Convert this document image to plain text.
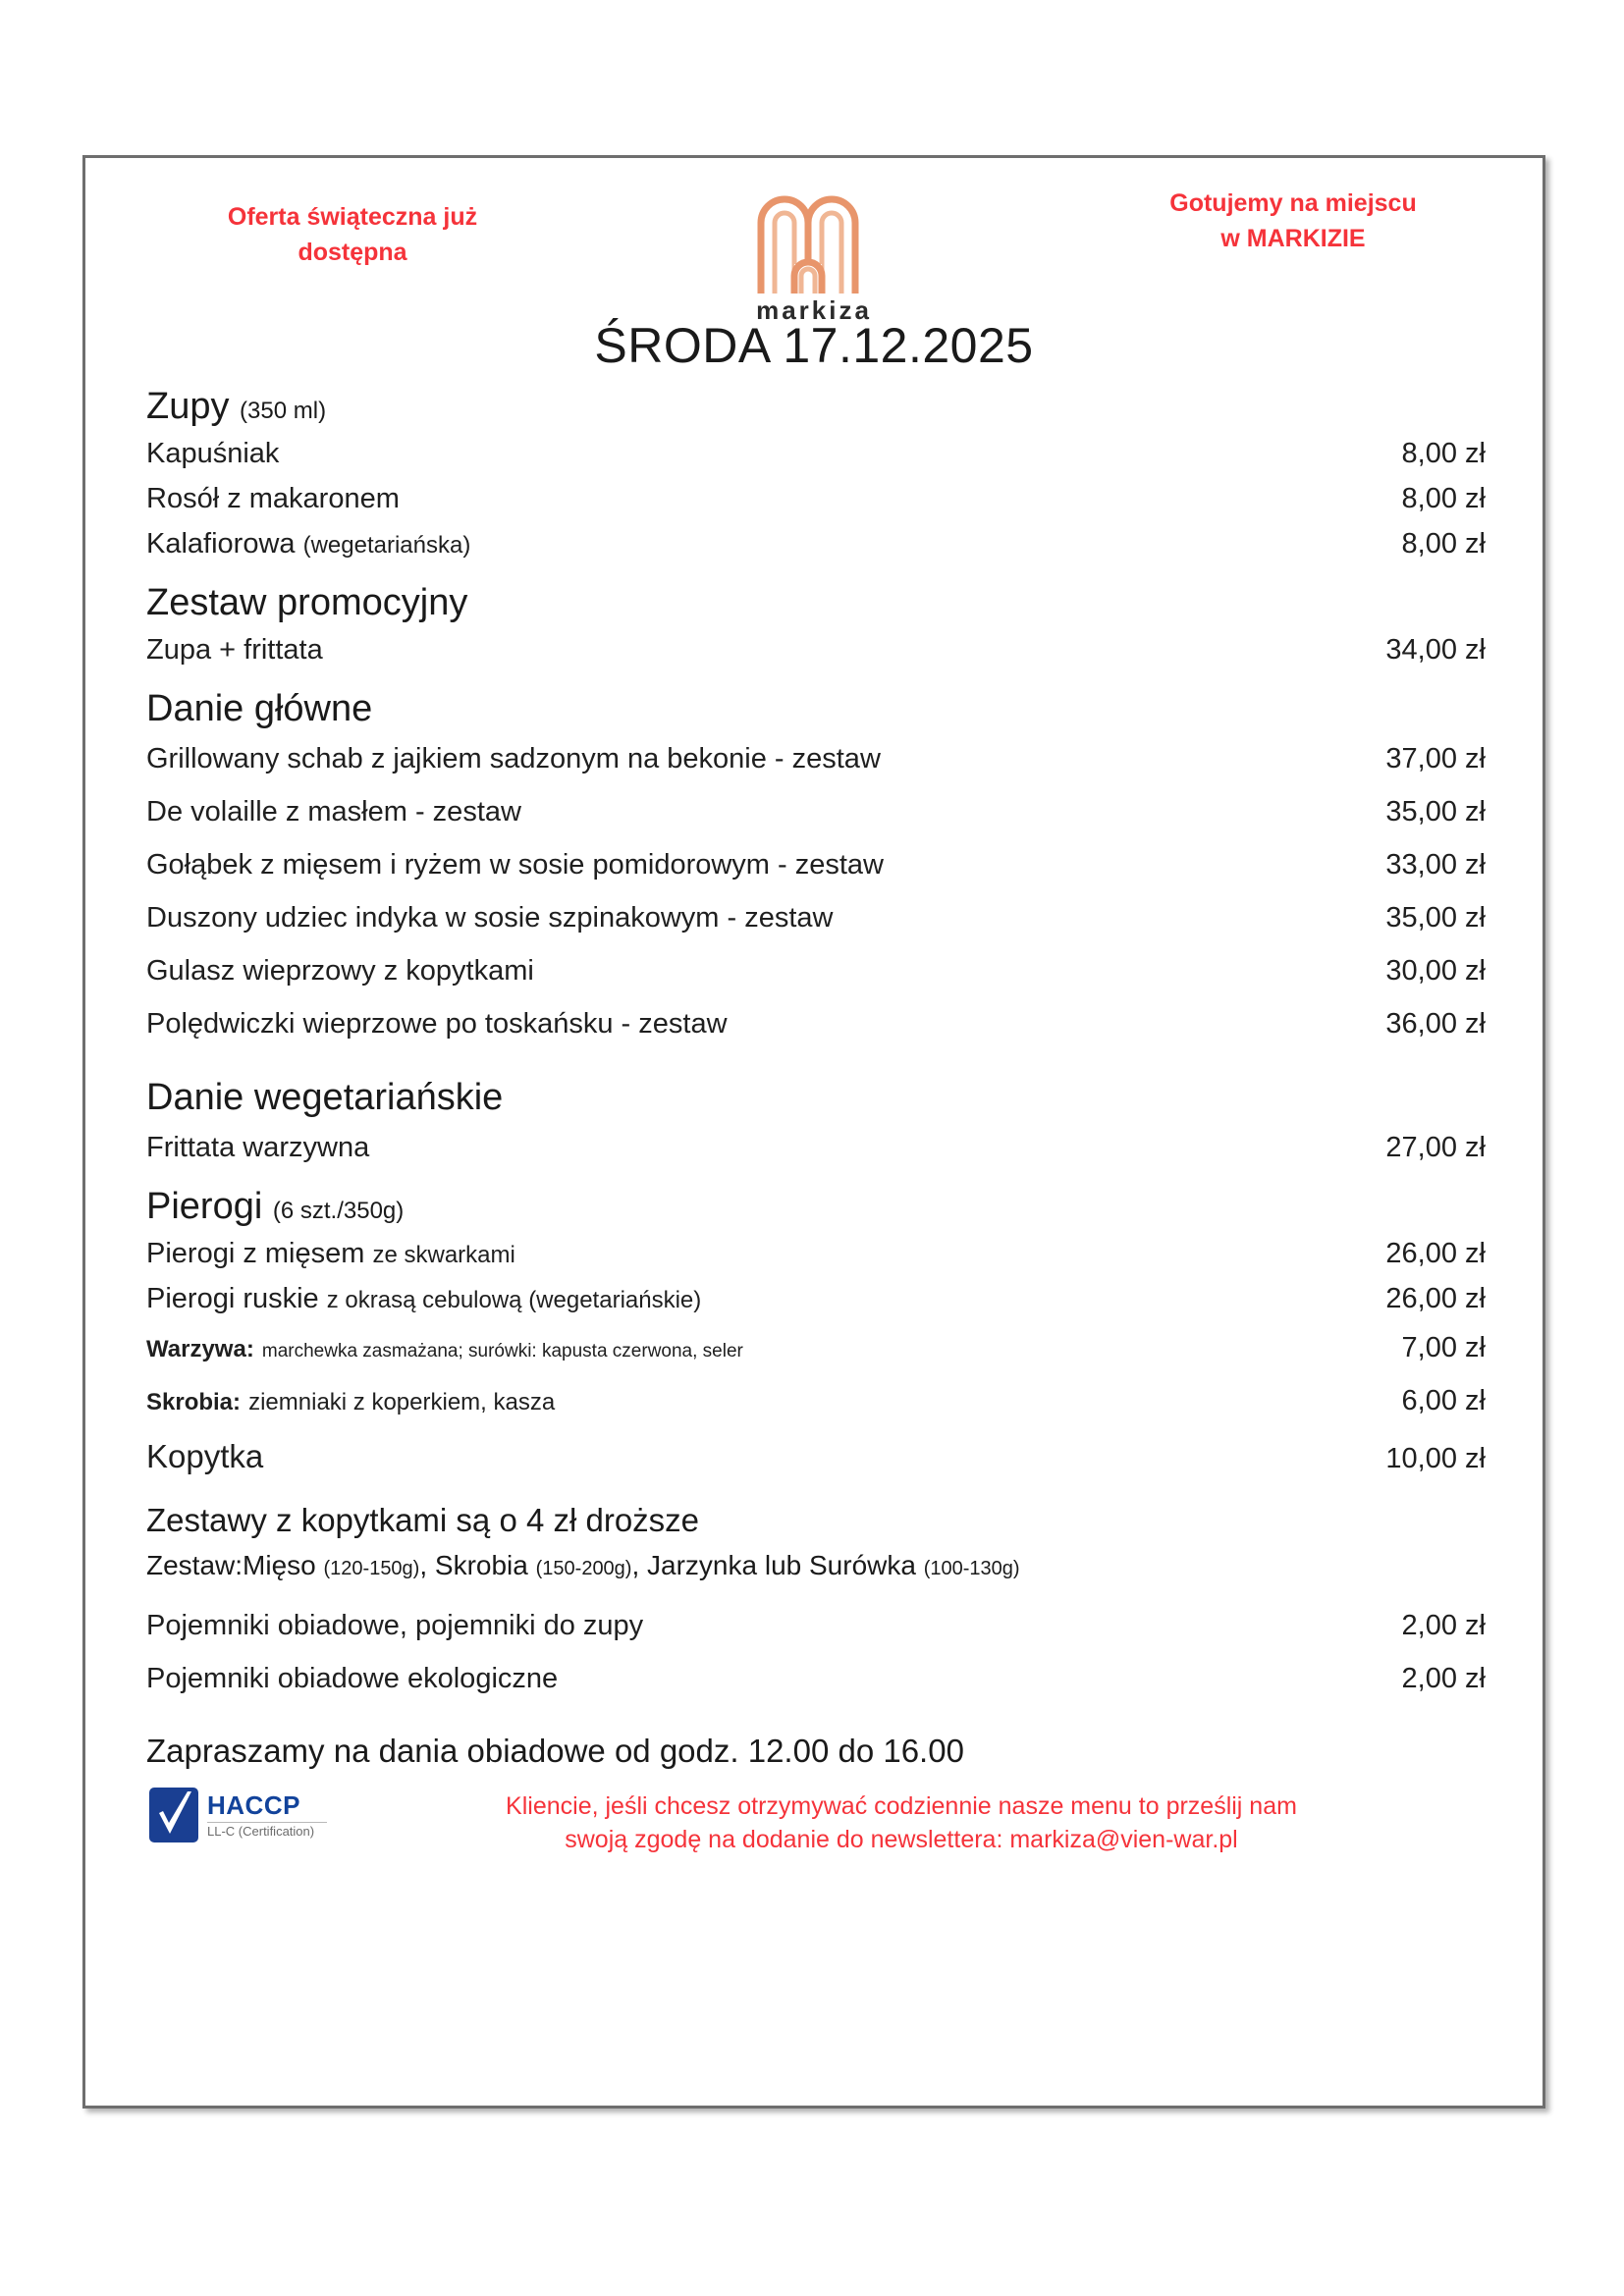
Oferta świąteczna już dostępna
markiza
Gotujemy na miejscu
w MARKIZIE
ŚRODA 17.12.2025
Zupy (350 ml)
Kapuśniak	8,00 zł
Rosół z makaronem	8,00 zł
Kalafiorowa (wegetariańska)	8,00 zł
Zestaw promocyjny
Zupa + frittata	34,00 zł
Danie główne
Grillowany schab z jajkiem sadzonym na bekonie - zestaw	37,00 zł
De volaille z masłem - zestaw	35,00 zł
Gołąbek z mięsem i ryżem w sosie pomidorowym - zestaw	33,00 zł
Duszony udziec indyka w sosie szpinakowym - zestaw	35,00 zł
Gulasz wieprzowy z kopytkami	30,00 zł
Polędwiczki wieprzowe po toskańsku - zestaw	36,00 zł
Danie wegetariańskie
Frittata warzywna	27,00 zł
Pierogi (6 szt./350g)
Pierogi z mięsem ze skwarkami	26,00 zł
Pierogi ruskie z okrasą cebulową (wegetariańskie)	26,00 zł
Warzywa: marchewka zasmażana; surówki: kapusta czerwona, seler	7,00 zł
Skrobia: ziemniaki z koperkiem, kasza	6,00 zł
Kopytka	10,00 zł
Zestawy z kopytkami są o 4 zł droższe
Zestaw:Mięso (120-150g), Skrobia (150-200g), Jarzynka lub Surówka (100-130g)
Pojemniki obiadowe, pojemniki do zupy	2,00 zł
Pojemniki obiadowe ekologiczne	2,00 zł
Zapraszamy na dania obiadowe od godz. 12.00 do 16.00
HACCP
LL-C (Certification)
Kliencie, jeśli chcesz otrzymywać codziennie nasze menu to prześlij nam
swoją zgodę na dodanie do newslettera: markiza@vien-war.pl
